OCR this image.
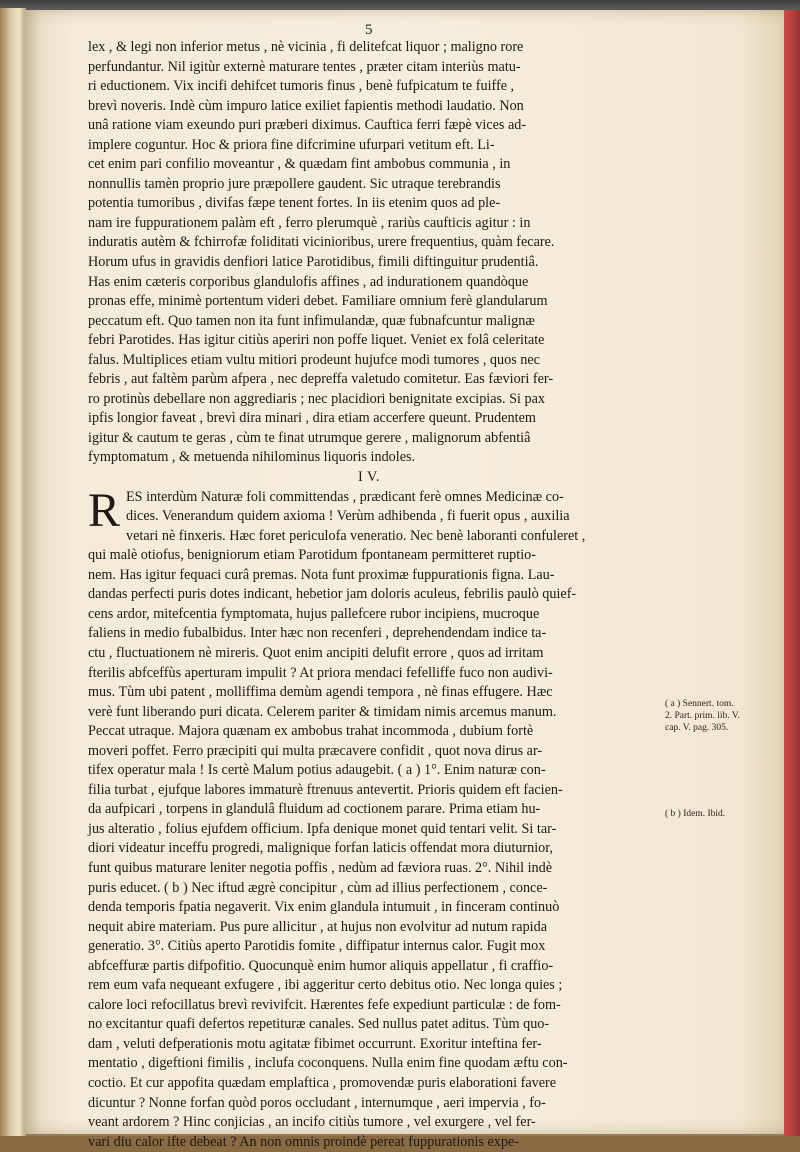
5
lex , & legi non inferior metus , nè vicinia , fi delitefcat liquor ; maligno rore
perfundantur. Nil igitùr externè maturare tentes , præter citam interiùs matu-
ri eductionem. Vix incifi dehifcet tumoris finus , benè fufpicatum te fuiffe ,
brevì noveris. Indè cùm impuro latice exiliet fapientis methodi laudatio. Non
unâ ratione viam exeundo puri præberi diximus. Cauftica ferri fæpè vices ad-
implere coguntur. Hoc & priora fine difcrimine ufurpari vetitum eft. Li-
cet enim pari confilio moveantur , & quædam fint ambobus communia , in
nonnullis tamèn proprio jure præpollere gaudent. Sic utraque terebrandis
potentia tumoribus , divifas fæpe tenent fortes. In iis etenim quos ad ple-
nam ire fuppurationem palàm eft , ferro plerumquè , rariùs caufticis agitur : in
induratis autèm & fchirrofæ foliditati vicinioribus, urere frequentius, quàm fecare.
Horum ufus in gravidis denfiori latice Parotidibus, fimili diftinguitur prudentiâ.
Has enim cæteris corporibus glandulofis affines , ad indurationem quandòque
pronas effe, minimè portentum videri debet. Familiare omnium ferè glandularum
peccatum eft. Quo tamen non ita funt infimulandæ, quæ fubnafcuntur malignæ
febri Parotides. Has igitur citiùs aperiri non poffe liquet. Veniet ex folâ celeritate
falus. Multiplices etiam vultu mitiori prodeunt hujufce modi tumores , quos nec
febris , aut faltèm parùm afpera , nec depreffa valetudo comitetur. Eas fæviori fer-
ro protinùs debellare non aggrediaris ; nec placidiori benignitate excipias. Si pax
ipfis longior faveat , brevì dira minari , dira etiam accerfere queunt. Prudentem
igitur & cautum te geras , cùm te finat utrumque gerere , malignorum abfentiâ
fymptomatum , & metuenda nihilominus liquoris indoles.
I V.
R ES interdùm Naturæ foli committendas , prædicant ferè omnes Medicinæ co-
dices. Venerandum quidem axioma ! Verùm adhibenda , fi fuerit opus , auxilia
vetari nè finxeris. Hæc foret periculofa veneratio. Nec benè laboranti confuleret ,
qui malè otiofus, benigniorum etiam Parotidum fpontaneam permitteret ruptio-
nem. Has igitur fequaci curâ premas. Nota funt proximæ fuppurationis figna. Lau-
dandas perfecti puris dotes indicant, hebetior jam doloris aculeus, febrilis paulò quief-
cens ardor, mitefcentia fymptomata, hujus pallefcere rubor incipiens, mucroque
faliens in medio fubalbidus. Inter hæc non recenferi , deprehendendam indice ta-
ctu , fluctuationem nè mireris. Quot enim ancipiti delufit errore , quos ad irritam
fterilis abfceffùs aperturam impulit ? At priora mendaci fefelliffe fuco non audivi-
mus. Tùm ubi patent , molliffima demùm agendi tempora , nè finas effugere. Hæc
verè funt liberando puri dicata. Celerem pariter & timidam nimis arcemus manum.
Peccat utraque. Majora quænam ex ambobus trahat incommoda , dubium fortè
moveri poffet. Ferro præcipiti qui multa præcavere confidit , quot nova dirus ar-
tifex operatur mala ! Is certè Malum potius adaugebit. ( a ) 1°. Enim naturæ con-
filia turbat , ejufque labores immaturè ftrenuus antevertit. Prioris quidem eft facien-
da aufpicari , torpens in glandulâ fluidum ad coctionem parare. Prima etiam hu-
jus alteratio , folius ejufdem officium. Ipfa denique monet quid tentari velit. Si tar-
diori videatur inceffu progredi, malignique forfan laticis offendat mora diuturnior,
funt quibus maturare leniter negotia poffis , nedùm ad fæviora ruas. 2°. Nihil indè
puris educet. ( b ) Nec iftud ægrè concipitur , cùm ad illius perfectionem , conce-
denda temporis fpatia negaverit. Vix enim glandula intumuit , in finceram continuò
nequit abire materiam. Pus pure allicitur , at hujus non evolvitur ad nutum rapida
generatio. 3°. Citiùs aperto Parotidis fomite , diffipatur internus calor. Fugit mox
abfceffuræ partis difpofitio. Quocunquè enim humor aliquis appellatur , fi craffio-
rem eum vafa nequeant exfugere , ibi aggeritur certo debitus otio. Nec longa quies ;
calore loci refocillatus brevì revivifcit. Hærentes fefe expediunt particulæ : de fom-
no excitantur quafi defertos repetituræ canales. Sed nullus patet aditus. Tùm quo-
dam , veluti defperationis motu agitatæ fibimet occurrunt. Exoritur inteftina fer-
mentatio , digeftioni fimilis , inclufa coconquens. Nulla enim fine quodam æftu con-
coctio. Et cur appofita quædam emplaftica , promovendæ puris elaborationi favere
dicuntur ? Nonne forfan quòd poros occludant , internumque , aeri impervia , fo-
veant ardorem ? Hinc conjicias , an incifo citiùs tumore , vel exurgere , vel fer-
vari diu calor ifte debeat ? An non omnis proindè pereat fuppurationis expe-
( a ) Sennert. tom.
2. Part. prim. lib. V.
cap. V. pag. 305.
( b ) Idem. Ibid.
